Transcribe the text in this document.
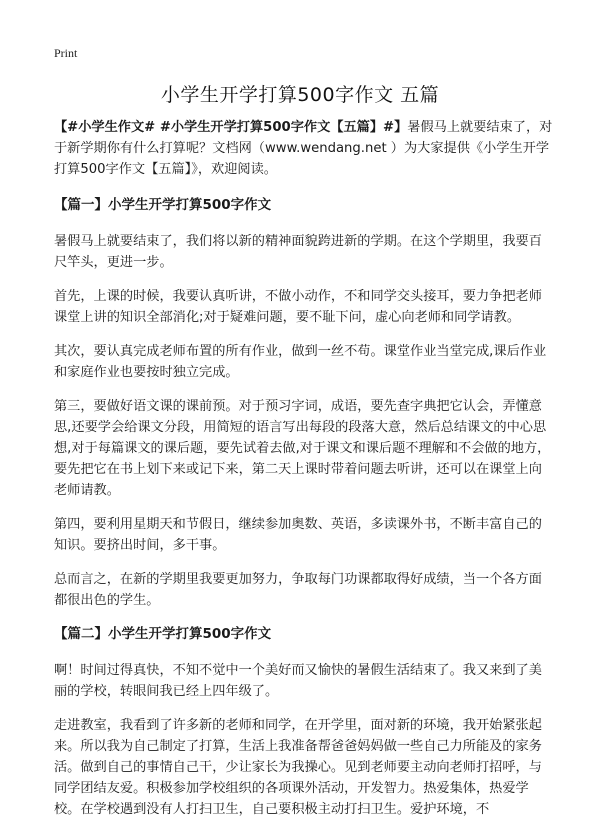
Print
小学生开学打算500字作文 五篇

【#小学生作文# #小学生开学打算500字作文【五篇】#】暑假马上就要结束了，对于新学期你有什么打算呢？文档网（www.wendang.net ）为大家提供《小学生开学打算500字作文【五篇】》，欢迎阅读。

【篇一】小学生开学打算500字作文

暑假马上就要结束了，我们将以新的精神面貌跨进新的学期。在这个学期里，我要百尺竿头，更进一步。

首先，上课的时候，我要认真听讲，不做小动作，不和同学交头接耳，要力争把老师课堂上讲的知识全部消化;对于疑难问题，要不耻下问，虚心向老师和同学请教。

其次，要认真完成老师布置的所有作业，做到一丝不苟。课堂作业当堂完成,课后作业和家庭作业也要按时独立完成。

第三，要做好语文课的课前预。对于预习字词，成语，要先查字典把它认会，弄懂意思,还要学会给课文分段，用简短的语言写出每段的段落大意，然后总结课文的中心思想,对于每篇课文的课后题，要先试着去做,对于课文和课后题不理解和不会做的地方，要先把它在书上划下来或记下来，第二天上课时带着问题去听讲，还可以在课堂上向老师请教。

第四，要利用星期天和节假日，继续参加奥数、英语，多读课外书，不断丰富自己的知识。要挤出时间，多干事。

总而言之，在新的学期里我要更加努力，争取每门功课都取得好成绩，当一个各方面都很出色的学生。

【篇二】小学生开学打算500字作文

啊！时间过得真快，不知不觉中一个美好而又愉快的暑假生活结束了。我又来到了美丽的学校，转眼间我已经上四年级了。

走进教室，我看到了许多新的老师和同学，在开学里，面对新的环境，我开始紧张起来。所以我为自己制定了打算，生活上我准备帮爸爸妈妈做一些自己力所能及的家务活。做到自己的事情自己干，少让家长为我操心。见到老师要主动向老师打招呼，与同学团结友爱。积极参加学校组织的各项课外活动，开发智力。热爱集体，热爱学校。在学校遇到没有人打扫卫生，自己要积极主动打扫卫生。爱护环境，不
